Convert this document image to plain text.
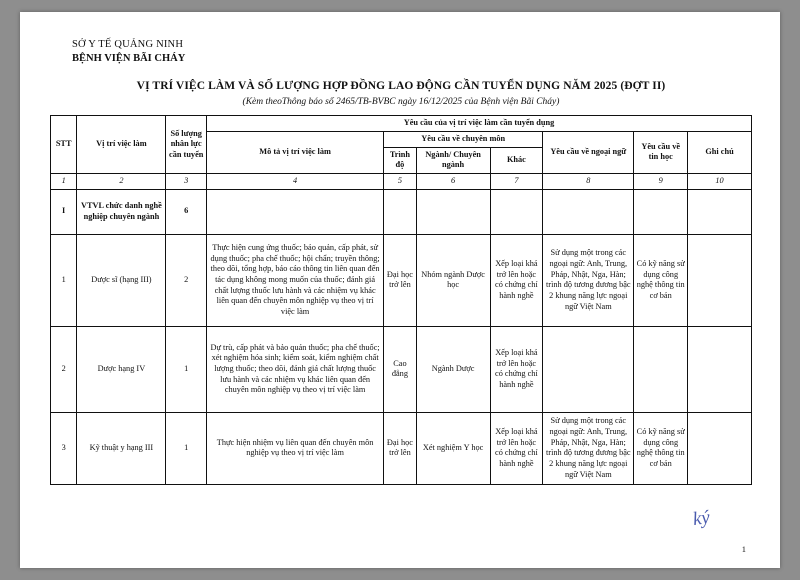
SỞ Y TẾ QUẢNG NINH
BỆNH VIỆN BÃI CHÁY
VỊ TRÍ VIỆC LÀM VÀ SỐ LƯỢNG HỢP ĐỒNG LAO ĐỘNG CẦN TUYỂN DỤNG NĂM 2025 (ĐỢT II)
(Kèm theoThông báo số 2465/TB-BVBC ngày 16/12/2025 của Bệnh viện Bãi Cháy)
STT	Vị trí việc làm	Số lượng nhân lực cần tuyển	Yêu cầu của vị trí việc làm cần tuyển dụng						
			Mô tả vị trí việc làm	Yêu cầu về chuyên môn			Yêu cầu về ngoại ngữ	Yêu cầu về tin học	Ghi chú
				Trình độ	Ngành/ Chuyên ngành	Khác			

1	2	3	4	5	6	7	8	9	10
I	VTVL chức danh nghề nghiệp chuyên ngành	6							
1	Dược sĩ (hạng III)	2	Thực hiện cung ứng thuốc; bảo quản, cấp phát, sử dụng thuốc; pha chế thuốc; hội chẩn; truyền thông; theo dõi, tổng hợp, báo cáo thông tin liên quan đến tác dụng không mong muốn của thuốc; đánh giá chất lượng thuốc lưu hành và các nhiệm vụ khác liên quan đến chuyên môn nghiệp vụ theo vị trí việc làm	Đại học trở lên	Nhóm ngành Dược học	Xếp loại khá trở lên hoặc có chứng chỉ hành nghề	Sử dụng một trong các ngoại ngữ: Anh, Trung, Pháp, Nhật, Nga, Hàn; trình độ tương đương bậc 2 khung năng lực ngoại ngữ Việt Nam	Có kỹ năng sử dụng công nghệ thông tin cơ bản	
2	Dược hạng IV	1	Dự trù, cấp phát và bảo quản thuốc; pha chế thuốc; xét nghiệm hóa sinh; kiểm soát, kiểm nghiệm chất lượng thuốc; theo dõi, đánh giá chất lượng thuốc lưu hành và các nhiệm vụ khác liên quan đến chuyên môn nghiệp vụ theo vị trí việc làm	Cao đẳng	Ngành Dược	Xếp loại khá trở lên hoặc có chứng chỉ hành nghề			
3	Kỹ thuật y hạng III	1	Thực hiện nhiệm vụ liên quan đến chuyên môn nghiệp vụ theo vị trí việc làm	Đại học trở lên	Xét nghiệm Y học	Xếp loại khá trở lên hoặc có chứng chỉ hành nghề	Sử dụng một trong các ngoại ngữ: Anh, Trung, Pháp, Nhật, Nga, Hàn; trình độ tương đương bậc 2 khung năng lực ngoại ngữ Việt Nam	Có kỹ năng sử dụng công nghệ thông tin cơ bản	
ký
1
